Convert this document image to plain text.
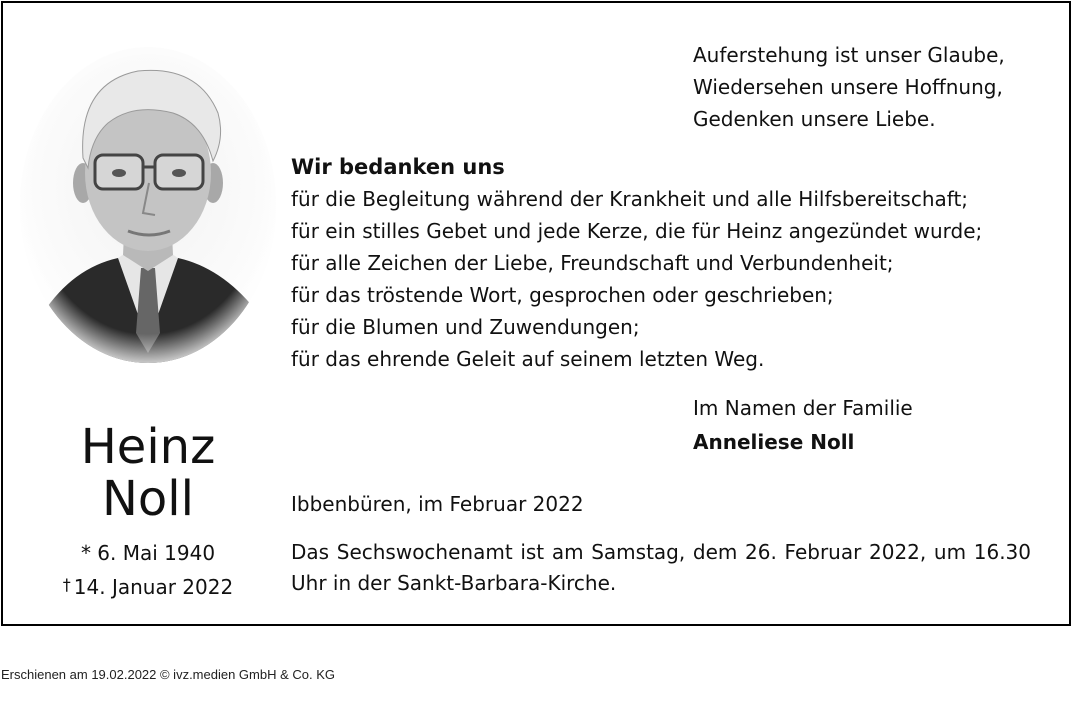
Heinz
Noll
* 6. Mai 1940
† 14. Januar 2022
Auferstehung ist unser Glaube,
Wiedersehen unsere Hoffnung,
Gedenken unsere Liebe.
Wir bedanken uns
für die Begleitung während der Krankheit und alle Hilfsbereitschaft;
für ein stilles Gebet und jede Kerze, die für Heinz angezündet wurde;
für alle Zeichen der Liebe, Freundschaft und Verbundenheit;
für das tröstende Wort, gesprochen oder geschrieben;
für die Blumen und Zuwendungen;
für das ehrende Geleit auf seinem letzten Weg.
Im Namen der Familie
Anneliese Noll
Ibbenbüren, im Februar 2022
Das Sechswochenamt ist am Samstag, dem 26. Februar 2022, um 16.30 Uhr in der Sankt-Barbara-Kirche.
Erschienen am 19.02.2022 © ivz.medien GmbH & Co. KG
